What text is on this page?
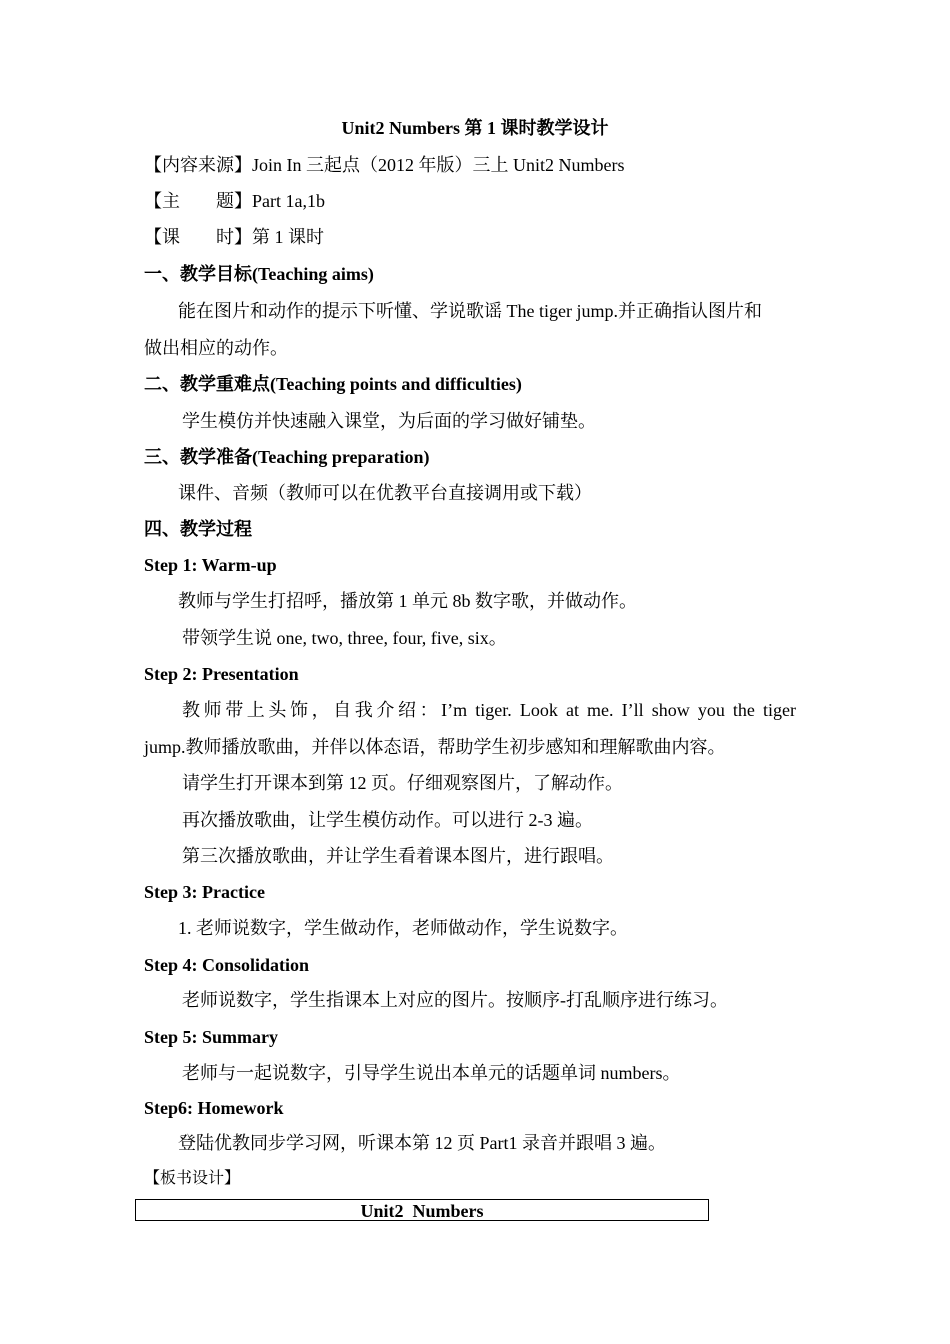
Unit2 Numbers 第 1 课时教学设计
【内容来源】Join In 三起点（2012 年版）三上 Unit2 Numbers
【主　　题】Part 1a,1b
【课　　时】第 1 课时
一、教学目标(Teaching aims)
能在图片和动作的提示下听懂、学说歌谣 The tiger jump.并正确指认图片和
做出相应的动作。
二、教学重难点(Teaching points and difficulties)
学生模仿并快速融入课堂，为后面的学习做好铺垫。
三、教学准备(Teaching preparation)
课件、音频（教师可以在优教平台直接调用或下载）
四、教学过程
Step 1: Warm-up
教师与学生打招呼，播放第 1 单元 8b 数字歌，并做动作。
带领学生说 one, two, three, four, five, six。
Step 2: Presentation
教师带上头饰，自我介绍：I’m tiger. Look at me. I’ll show you the tiger
jump.教师播放歌曲，并伴以体态语，帮助学生初步感知和理解歌曲内容。
请学生打开课本到第 12 页。仔细观察图片，了解动作。
再次播放歌曲，让学生模仿动作。可以进行 2-3 遍。
第三次播放歌曲，并让学生看着课本图片，进行跟唱。
Step 3: Practice
1. 老师说数字，学生做动作，老师做动作，学生说数字。
Step 4: Consolidation
老师说数字，学生指课本上对应的图片。按顺序-打乱顺序进行练习。
Step 5: Summary
老师与一起说数字，引导学生说出本单元的话题单词 numbers。
Step6: Homework
登陆优教同步学习网，听课本第 12 页 Part1 录音并跟唱 3 遍。
【板书设计】
Unit2  Numbers
